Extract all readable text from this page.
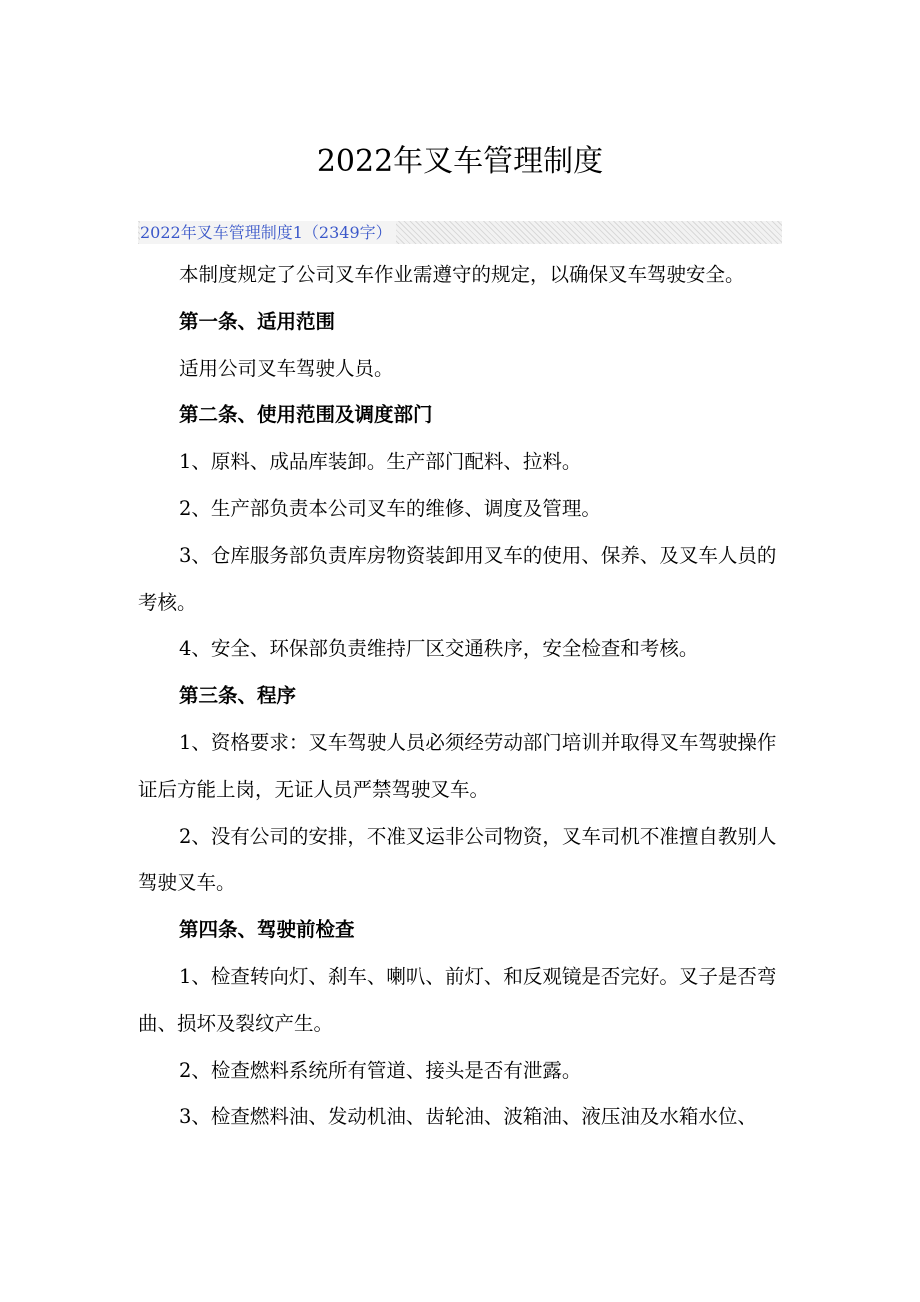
2022年叉车管理制度
2022年叉车管理制度1（2349字）

本制度规定了公司叉车作业需遵守的规定，以确保叉车驾驶安全。

第一条、适用范围

适用公司叉车驾驶人员。

第二条、使用范围及调度部门

1、原料、成品库装卸。生产部门配料、拉料。

2、生产部负责本公司叉车的维修、调度及管理。

3、仓库服务部负责库房物资装卸用叉车的使用、保养、及叉车人员的考核。

4、安全、环保部负责维持厂区交通秩序，安全检查和考核。

第三条、程序

1、资格要求：叉车驾驶人员必须经劳动部门培训并取得叉车驾驶操作证后方能上岗，无证人员严禁驾驶叉车。

2、没有公司的安排，不准叉运非公司物资，叉车司机不准擅自教别人驾驶叉车。

第四条、驾驶前检查

1、检查转向灯、刹车、喇叭、前灯、和反观镜是否完好。叉子是否弯曲、损坏及裂纹产生。

2、检查燃料系统所有管道、接头是否有泄露。

3、检查燃料油、发动机油、齿轮油、波箱油、液压油及水箱水位、
